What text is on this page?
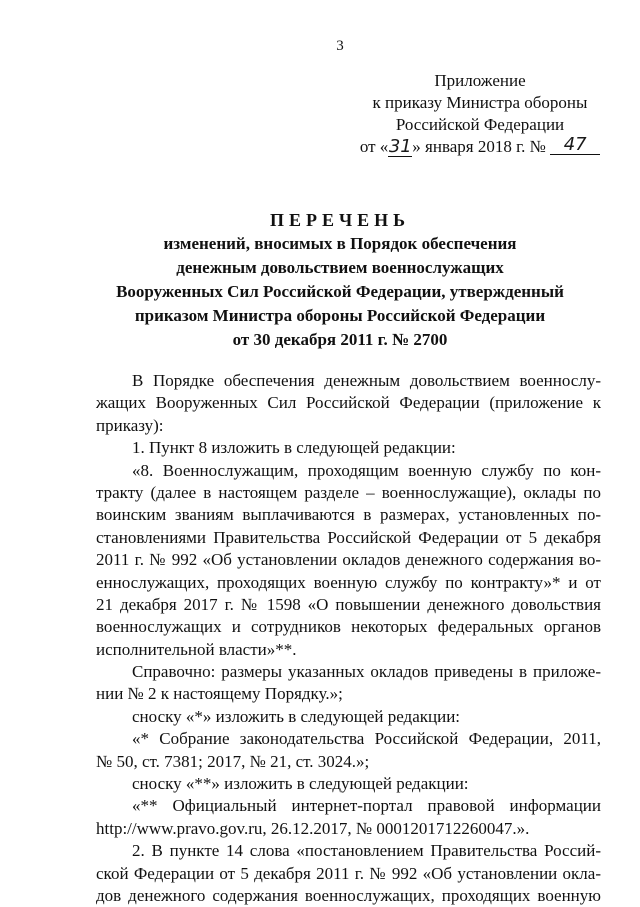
3
Приложение
к приказу Министра обороны
Российской Федерации
от «31» января 2018 г. № 47
ПЕРЕЧЕНЬ
изменений, вносимых в Порядок обеспечения
денежным довольствием военнослужащих
Вооруженных Сил Российской Федерации, утвержденный
приказом Министра обороны Российской Федерации
от 30 декабря 2011 г. № 2700
В Порядке обеспечения денежным довольствием военнослу-
жащих Вооруженных Сил Российской Федерации (приложение к
приказу):
1. Пункт 8 изложить в следующей редакции:
«8. Военнослужащим, проходящим военную службу по кон-
тракту (далее в настоящем разделе – военнослужащие), оклады по
воинским званиям выплачиваются в размерах, установленных по-
становлениями Правительства Российской Федерации от 5 декабря
2011 г. № 992 «Об установлении окладов денежного содержания во-
еннослужащих, проходящих военную службу по контракту»* и от
21 декабря 2017 г. № 1598 «О повышении денежного довольствия
военнослужащих и сотрудников некоторых федеральных органов
исполнительной власти»**.
Справочно: размеры указанных окладов приведены в приложе-
нии № 2 к настоящему Порядку.»;
сноску «*» изложить в следующей редакции:
«* Собрание законодательства Российской Федерации, 2011,
№ 50, ст. 7381; 2017, № 21, ст. 3024.»;
сноску «**» изложить в следующей редакции:
«** Официальный интернет-портал правовой информации
http://www.pravo.gov.ru, 26.12.2017, № 0001201712260047.».
2. В пункте 14 слова «постановлением Правительства Россий-
ской Федерации от 5 декабря 2011 г. № 992 «Об установлении окла-
дов денежного содержания военнослужащих, проходящих военную
